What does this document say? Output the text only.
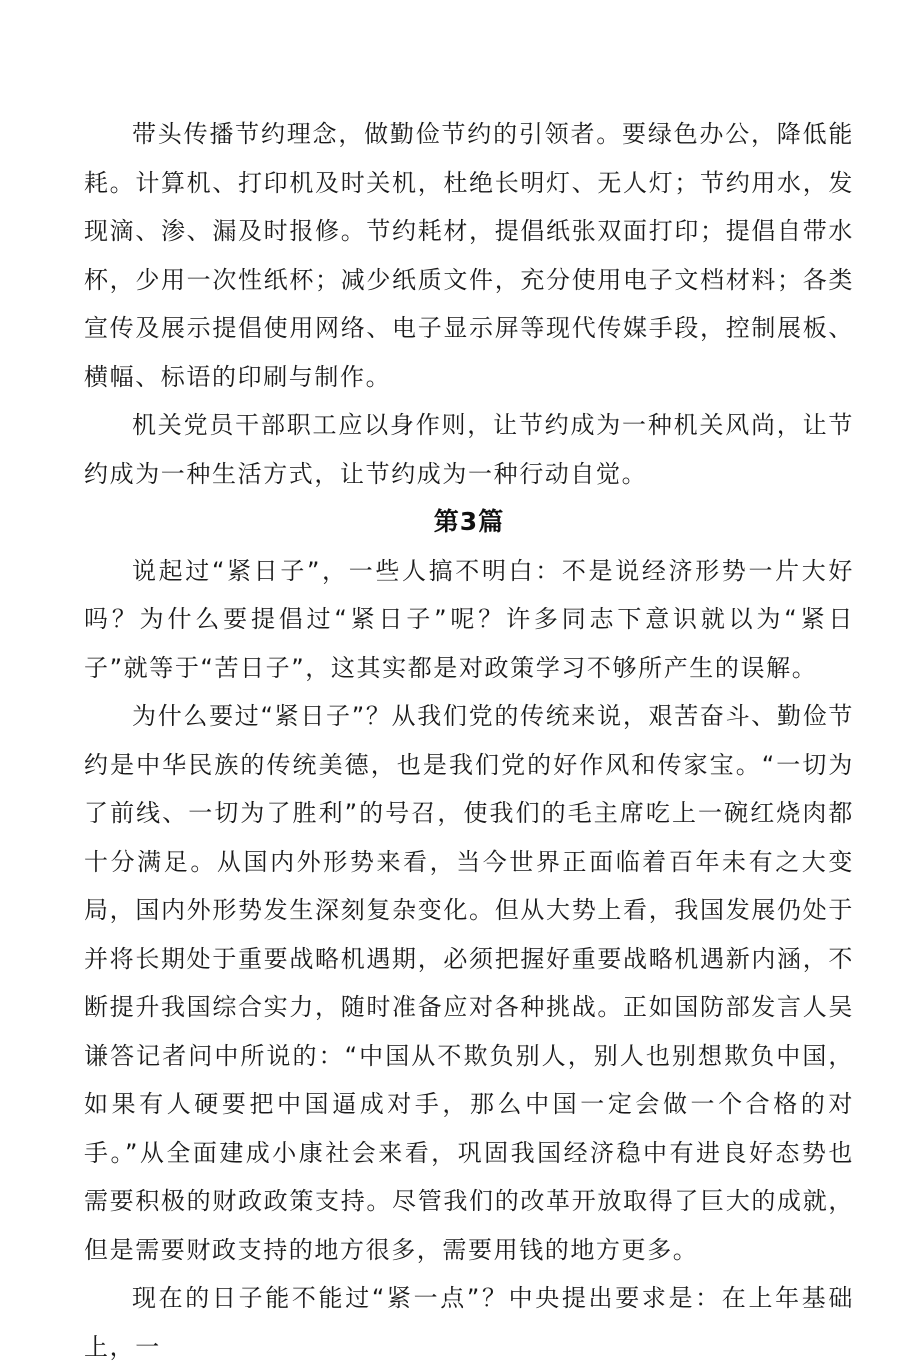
带头传播节约理念，做勤俭节约的引领者。要绿色办公，降低能耗。计算机、打印机及时关机，杜绝长明灯、无人灯；节约用水，发现滴、渗、漏及时报修。节约耗材，提倡纸张双面打印；提倡自带水杯，少用一次性纸杯；减少纸质文件，充分使用电子文档材料；各类宣传及展示提倡使用网络、电子显示屏等现代传媒手段，控制展板、横幅、标语的印刷与制作。

机关党员干部职工应以身作则，让节约成为一种机关风尚，让节约成为一种生活方式，让节约成为一种行动自觉。

第3篇

说起过“紧日子”，一些人搞不明白：不是说经济形势一片大好吗？为什么要提倡过“紧日子”呢？许多同志下意识就以为“紧日子”就等于“苦日子”，这其实都是对政策学习不够所产生的误解。

为什么要过“紧日子”？从我们党的传统来说，艰苦奋斗、勤俭节约是中华民族的传统美德，也是我们党的好作风和传家宝。“一切为了前线、一切为了胜利”的号召，使我们的毛主席吃上一碗红烧肉都十分满足。从国内外形势来看，当今世界正面临着百年未有之大变局，国内外形势发生深刻复杂变化。但从大势上看，我国发展仍处于并将长期处于重要战略机遇期，必须把握好重要战略机遇新内涵，不断提升我国综合实力，随时准备应对各种挑战。正如国防部发言人吴谦答记者问中所说的：“中国从不欺负别人，别人也别想欺负中国，如果有人硬要把中国逼成对手，那么中国一定会做一个合格的对手。”从全面建成小康社会来看，巩固我国经济稳中有进良好态势也需要积极的财政政策支持。尽管我们的改革开放取得了巨大的成就，但是需要财政支持的地方很多，需要用钱的地方更多。

现在的日子能不能过“紧一点”？中央提出要求是：在上年基础上，一
